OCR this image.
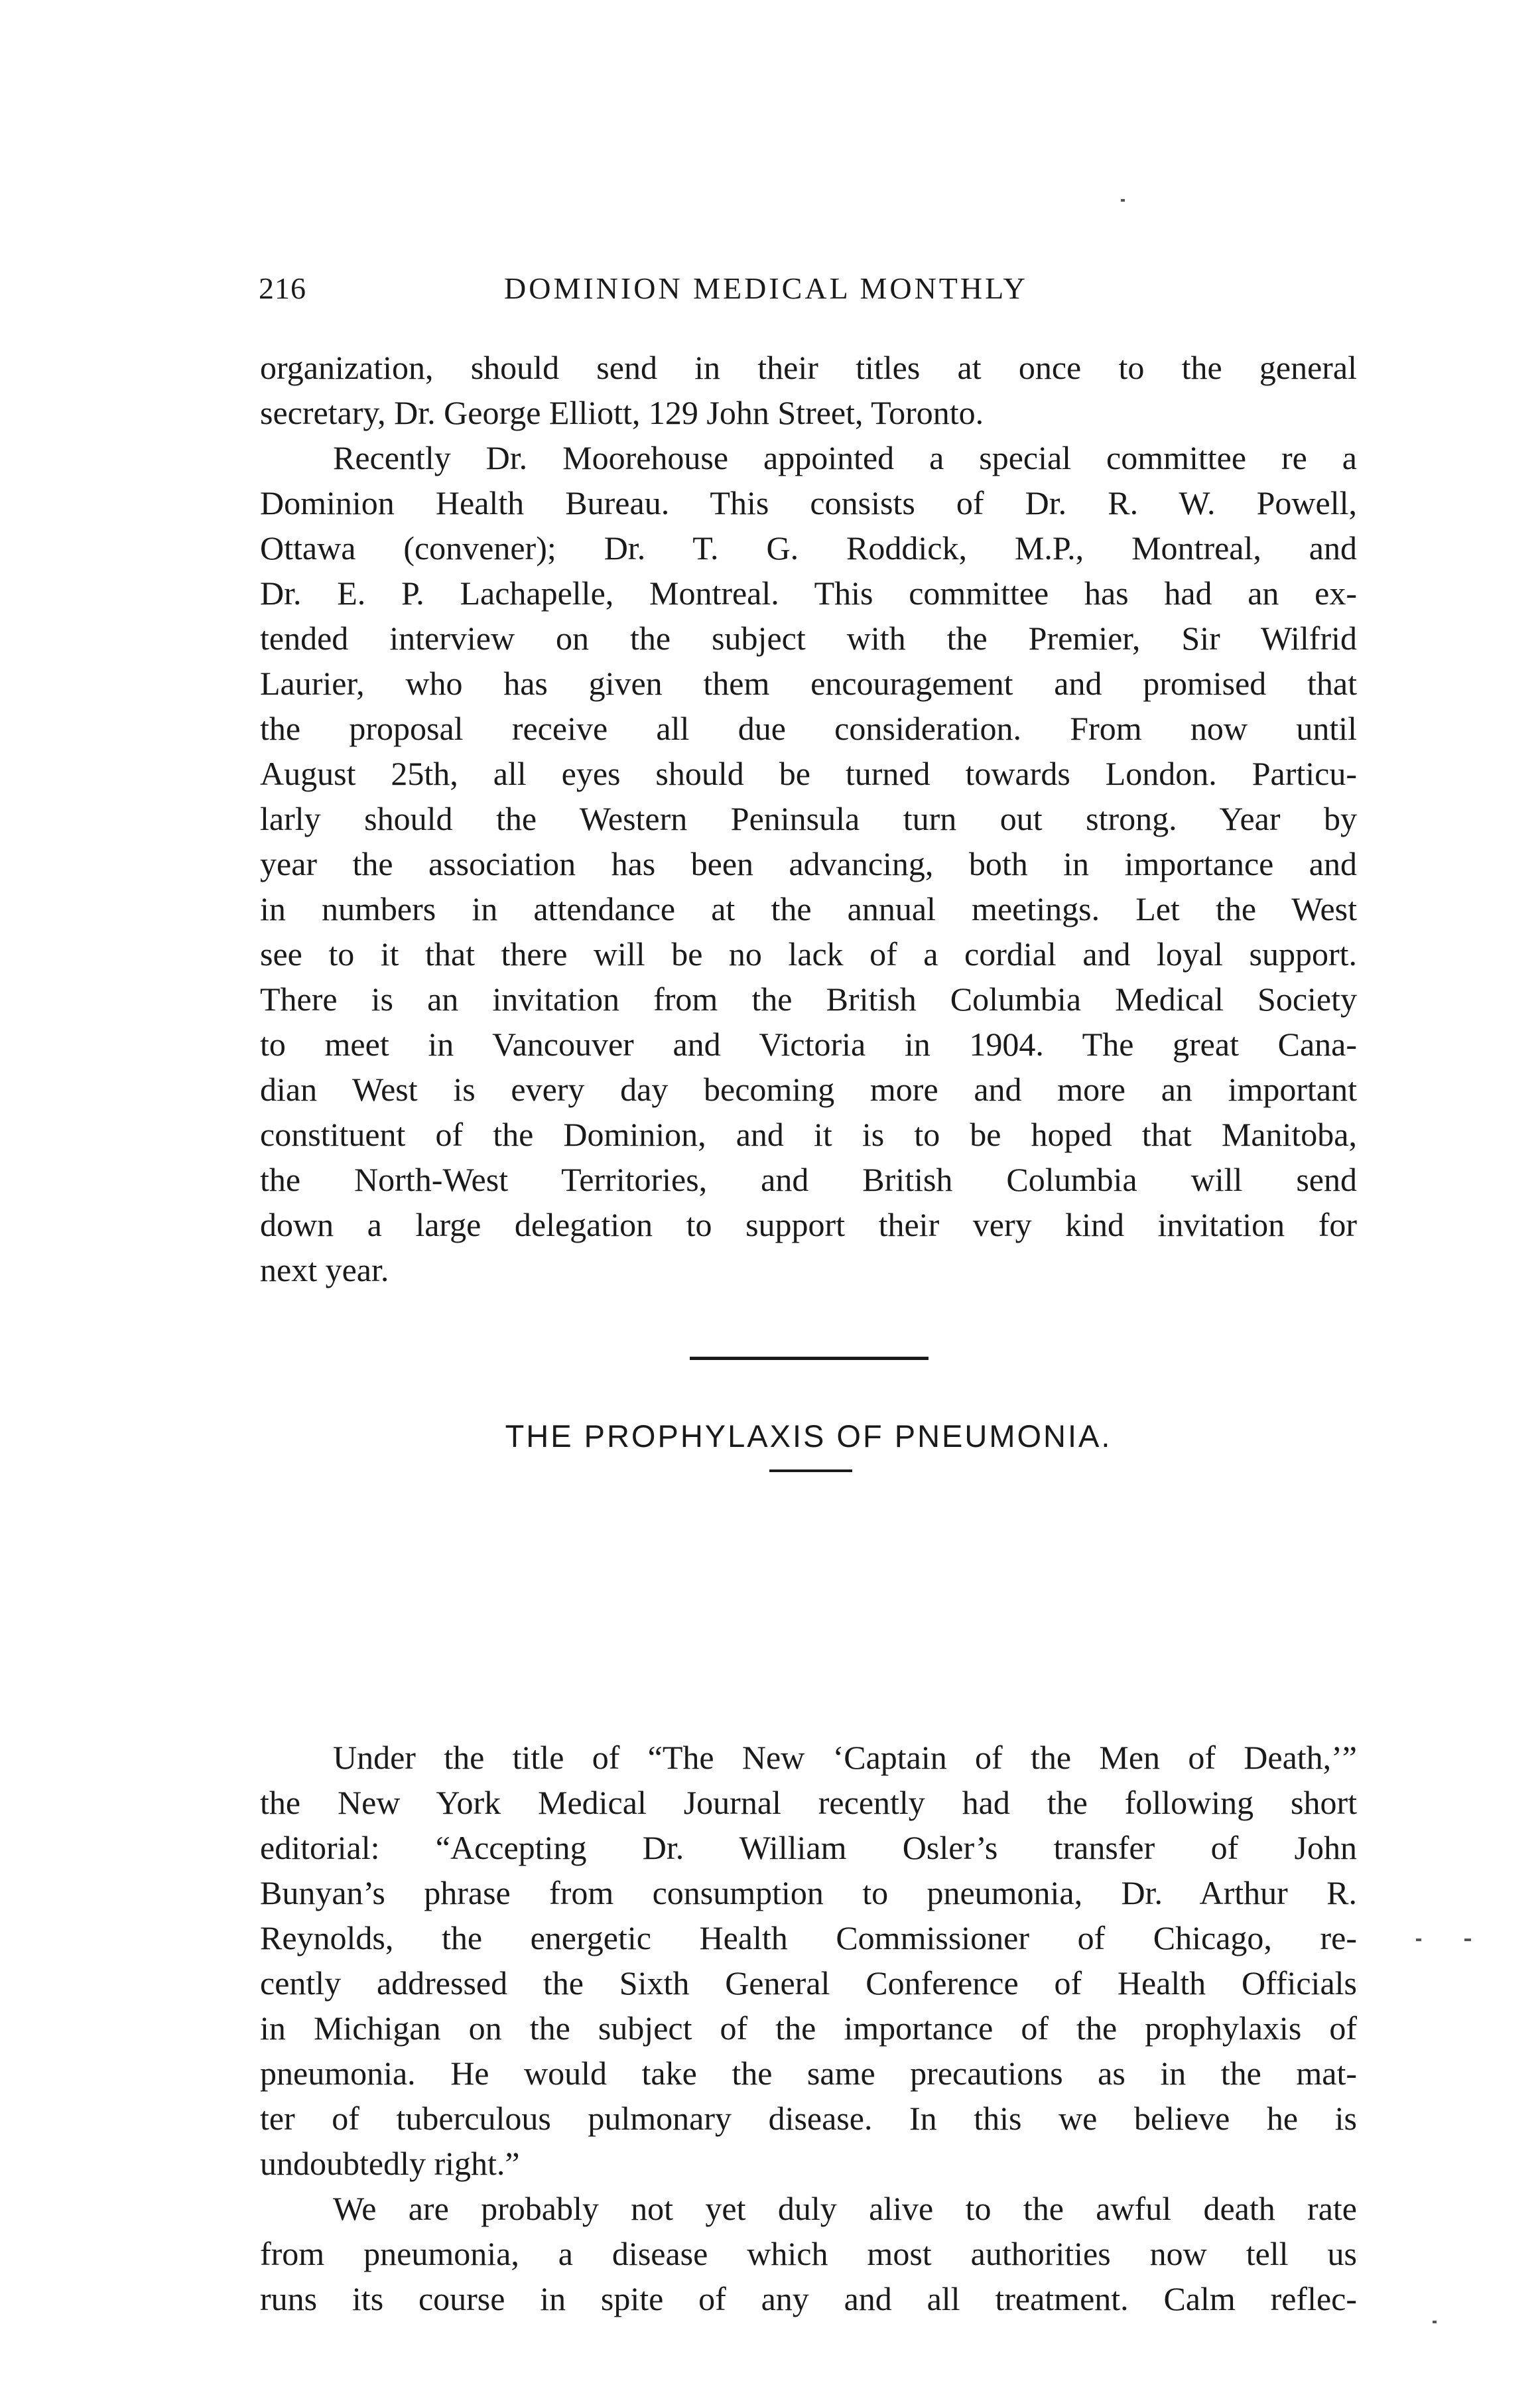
216	DOMINION MEDICAL MONTHLY
organization, should send in their titles at once to the general
secretary, Dr. George Elliott, 129 John Street, Toronto.
Recently Dr. Moorehouse appointed a special committee re a
Dominion Health Bureau. This consists of Dr. R. W. Powell,
Ottawa (convener); Dr. T. G. Roddick, M.P., Montreal, and
Dr. E. P. Lachapelle, Montreal. This committee has had an ex-
tended interview on the subject with the Premier, Sir Wilfrid
Laurier, who has given them encouragement and promised that
the proposal receive all due consideration. From now until
August 25th, all eyes should be turned towards London. Particu-
larly should the Western Peninsula turn out strong. Year by
year the association has been advancing, both in importance and
in numbers in attendance at the annual meetings. Let the West
see to it that there will be no lack of a cordial and loyal support.
There is an invitation from the British Columbia Medical Society
to meet in Vancouver and Victoria in 1904. The great Cana-
dian West is every day becoming more and more an important
constituent of the Dominion, and it is to be hoped that Manitoba,
the North-West Territories, and British Columbia will send
down a large delegation to support their very kind invitation for
next year.
THE PROPHYLAXIS OF PNEUMONIA.
Under the title of “The New ‘Captain of the Men of Death,’”
the New York Medical Journal recently had the following short
editorial: “Accepting Dr. William Osler’s transfer of John
Bunyan’s phrase from consumption to pneumonia, Dr. Arthur R.
Reynolds, the energetic Health Commissioner of Chicago, re-
cently addressed the Sixth General Conference of Health Officials
in Michigan on the subject of the importance of the prophylaxis of
pneumonia. He would take the same precautions as in the mat-
ter of tuberculous pulmonary disease. In this we believe he is
undoubtedly right.”
We are probably not yet duly alive to the awful death rate
from pneumonia, a disease which most authorities now tell us
runs its course in spite of any and all treatment. Calm reflec-
